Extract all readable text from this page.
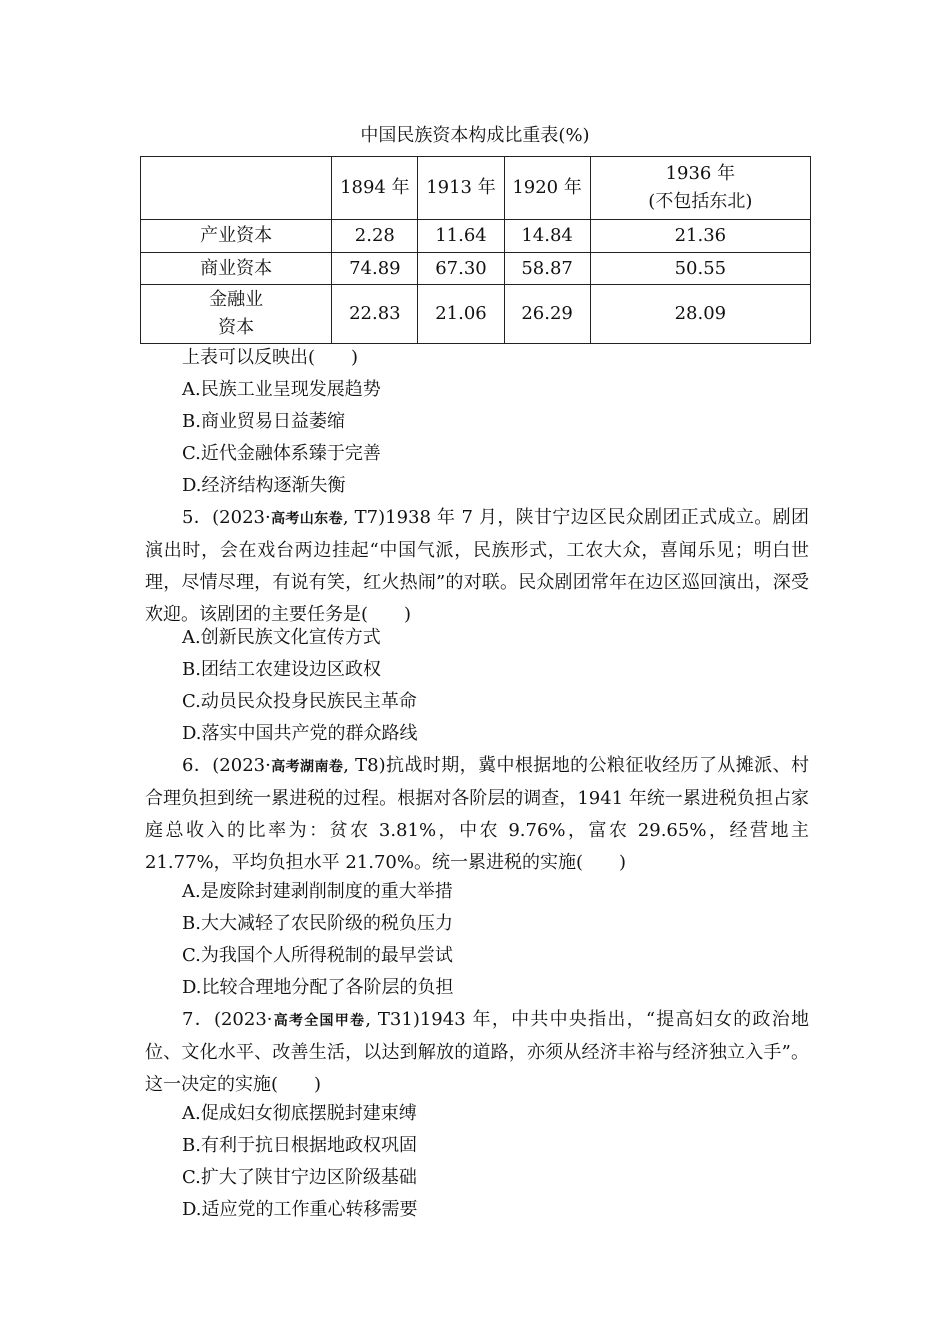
中国民族资本构成比重表(%)
	1894 年	1913 年	1920 年	1936 年
(不包括东北)

产业资本	2.28	11.64	14.84	21.36
商业资本	74.89	67.30	58.87	50.55

金融业
资本	22.83	21.06	26.29	28.09
上表可以反映出(　　)
A.民族工业呈现发展趋势
B.商业贸易日益萎缩
C.近代金融体系臻于完善
D.经济结构逐渐失衡
5．(2023·高考山东卷, T7)1938 年 7 月，陕甘宁边区民众剧团正式成立。剧团演出时，会在戏台两边挂起“中国气派，民族形式，工农大众，喜闻乐见；明白世理，尽情尽理，有说有笑，红火热闹”的对联。民众剧团常年在边区巡回演出，深受欢迎。该剧团的主要任务是(　　)
A.创新民族文化宣传方式
B.团结工农建设边区政权
C.动员民众投身民族民主革命
D.落实中国共产党的群众路线
6．(2023·高考湖南卷, T8)抗战时期，冀中根据地的公粮征收经历了从摊派、村合理负担到统一累进税的过程。根据对各阶层的调查，1941 年统一累进税负担占家庭总收入的比率为：贫农 3.81%，中农 9.76%，富农 29.65%，经营地主 21.77%，平均负担水平 21.70%。统一累进税的实施(　　)
A.是废除封建剥削制度的重大举措
B.大大减轻了农民阶级的税负压力
C.为我国个人所得税制的最早尝试
D.比较合理地分配了各阶层的负担
7．(2023·高考全国甲卷, T31)1943 年，中共中央指出，“提高妇女的政治地位、文化水平、改善生活，以达到解放的道路，亦须从经济丰裕与经济独立入手”。这一决定的实施(　　)
A.促成妇女彻底摆脱封建束缚
B.有利于抗日根据地政权巩固
C.扩大了陕甘宁边区阶级基础
D.适应党的工作重心转移需要
